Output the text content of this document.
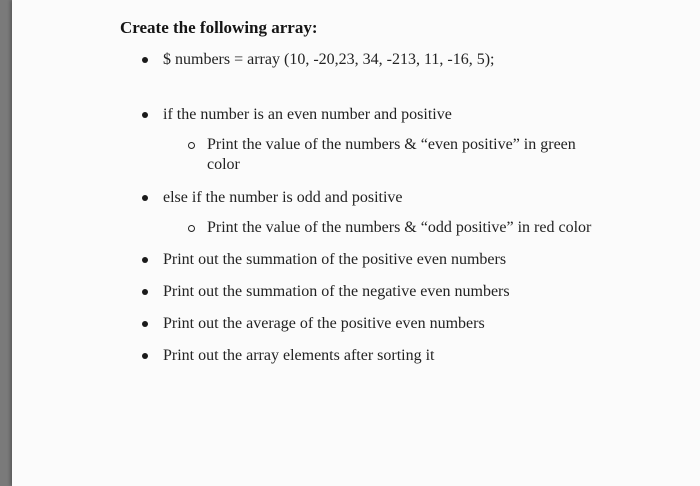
Create the following array:
$ numbers = array (10, -20,23, 34, -213, 11, -16, 5);
if the number is an even number and positive
Print the value of the numbers & “even positive” in green
color
else if the number is odd and positive
Print the value of the numbers & “odd positive” in red color
Print out the summation of the positive even numbers
Print out the summation of the negative even numbers
Print out the average of the positive even numbers
Print out the array elements after sorting it
